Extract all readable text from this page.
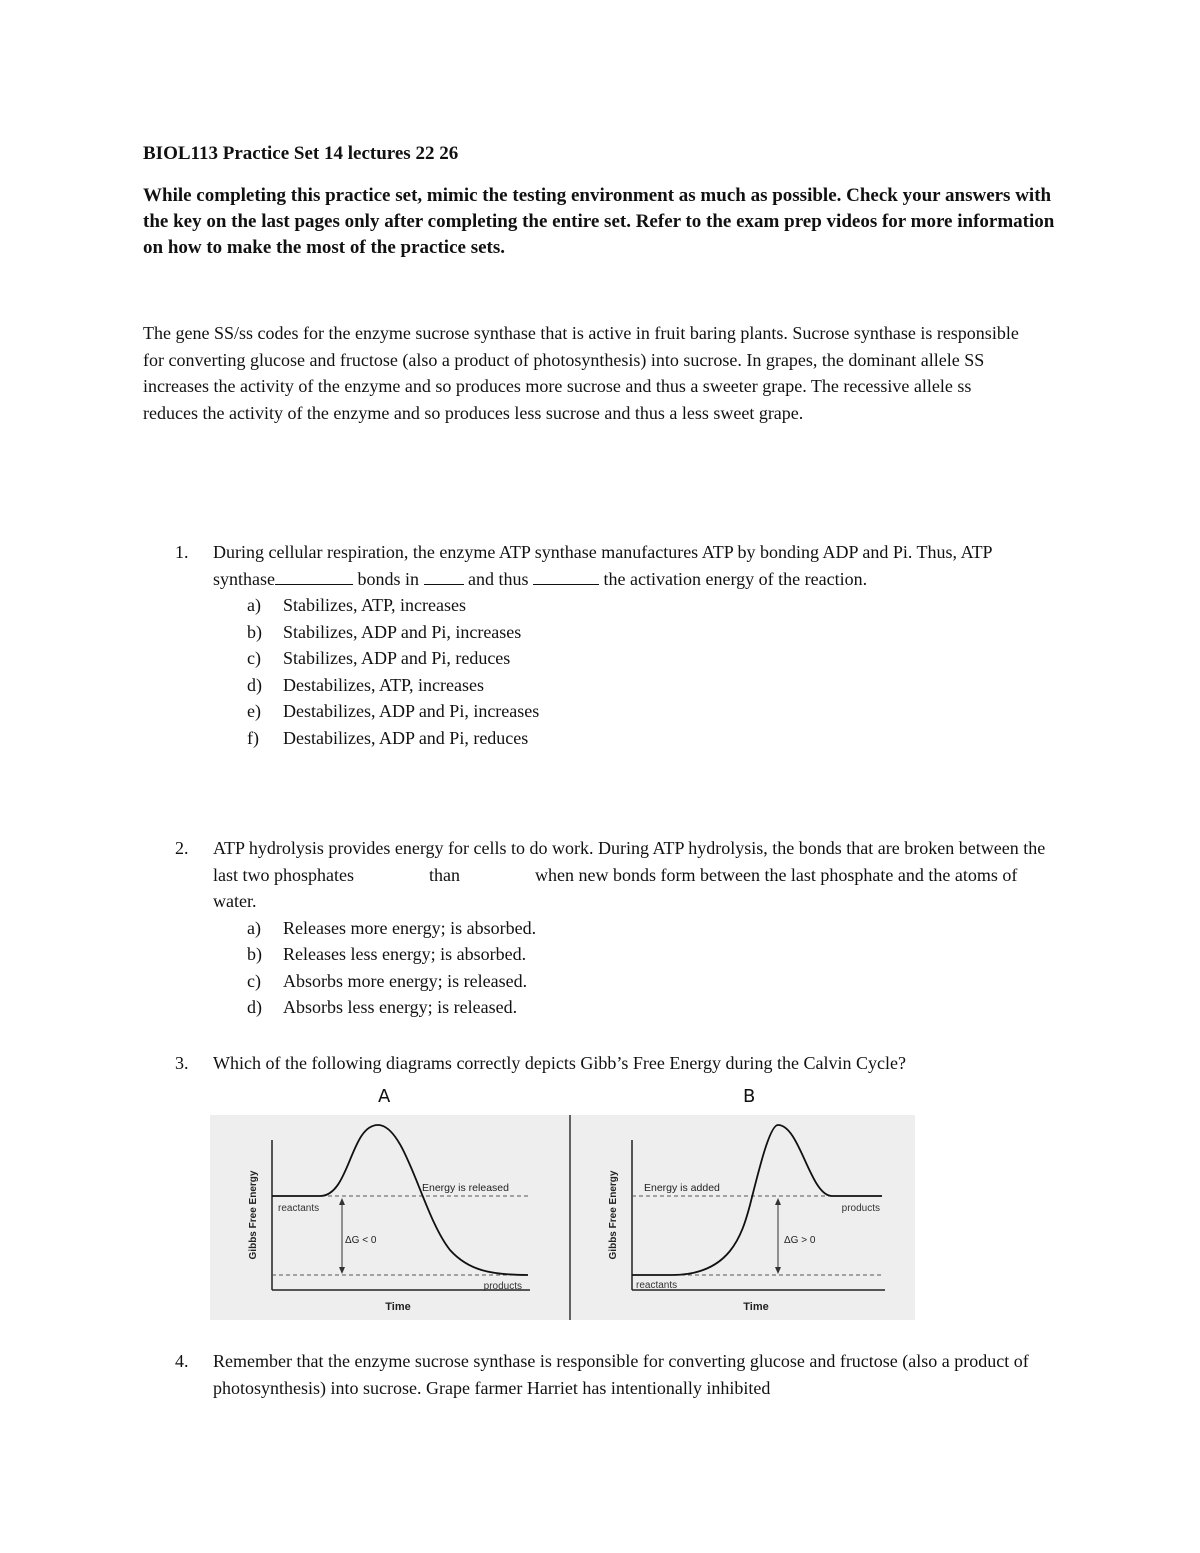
BIOL113 Practice Set 14 lectures 22 26
While completing this practice set, mimic the testing environment as much as possible. Check your answers with the key on the last pages only after completing the entire set. Refer to the exam prep videos for more information on how to make the most of the practice sets.
The gene SS/ss codes for the enzyme sucrose synthase that is active in fruit baring plants. Sucrose synthase is responsible for converting glucose and fructose (also a product of photosynthesis) into sucrose. In grapes, the dominant allele SS increases the activity of the enzyme and so produces more sucrose and thus a sweeter grape. The recessive allele ss reduces the activity of the enzyme and so produces less sucrose and thus a less sweet grape.
1. During cellular respiration, the enzyme ATP synthase manufactures ATP by bonding ADP and Pi. Thus, ATP synthase	bonds in	and thus	the activation energy of the reaction.
a) Stabilizes, ATP, increases
b) Stabilizes, ADP and Pi, increases
c) Stabilizes, ADP and Pi, reduces
d) Destabilizes, ATP, increases
e) Destabilizes, ADP and Pi, increases
f) Destabilizes, ADP and Pi, reduces
2. ATP hydrolysis provides energy for cells to do work. During ATP hydrolysis, the bonds that are broken between the last two phosphates	than	when new bonds form between the last phosphate and the atoms of water.
a) Releases more energy; is absorbed.
b) Releases less energy; is absorbed.
c) Absorbs more energy; is released.
d) Absorbs less energy; is released.
3. Which of the following diagrams correctly depicts Gibb’s Free Energy during the Calvin Cycle?
A	B
Gibbs Free Energy
Time
reactants
products
Energy is released
ΔG < 0	Gibbs Free Energy
Time
reactants
products
Energy is added
ΔG > 0
4. Remember that the enzyme sucrose synthase is responsible for converting glucose and fructose (also a product of photosynthesis) into sucrose. Grape farmer Harriet has intentionally inhibited
